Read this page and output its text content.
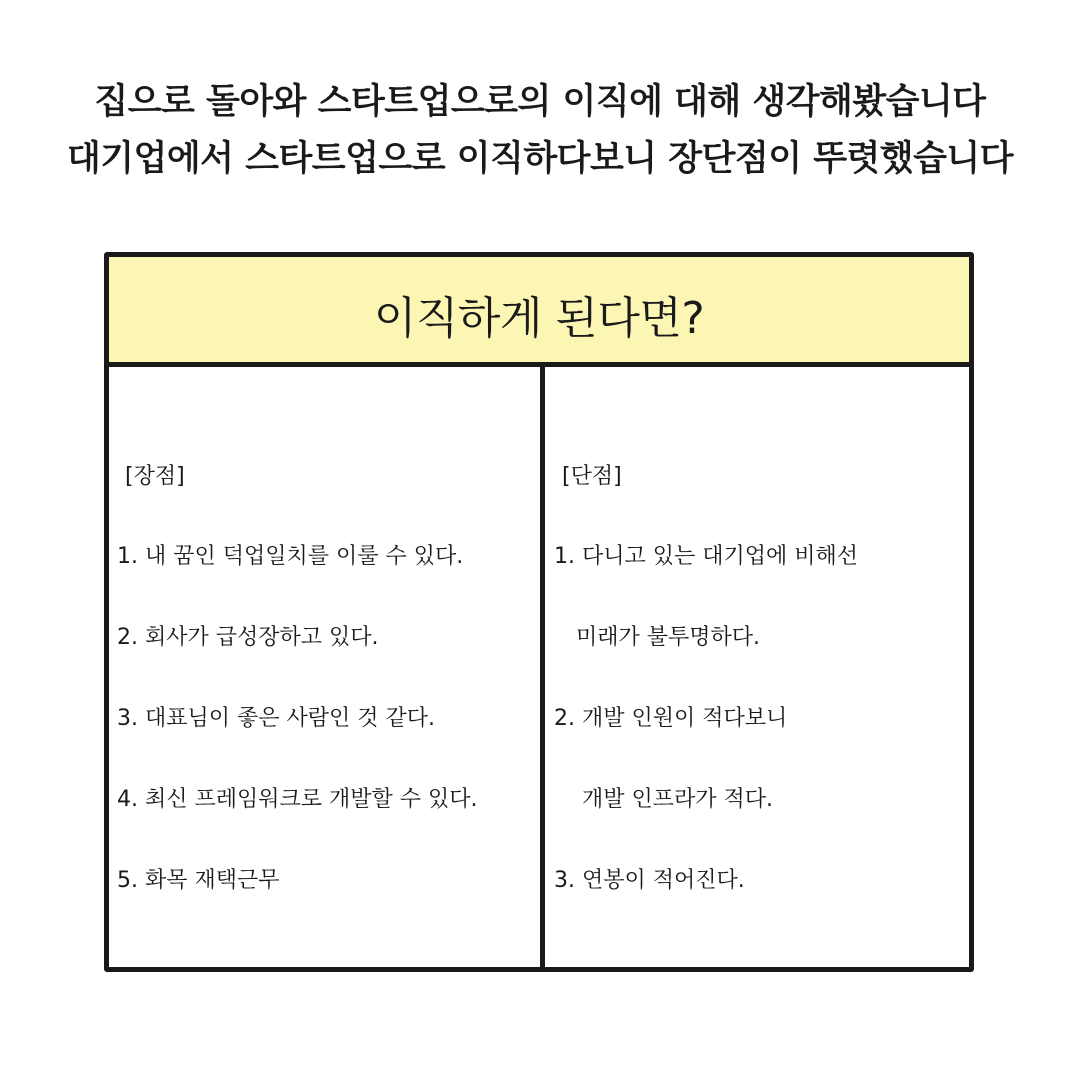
집으로 돌아와 스타트업으로의 이직에 대해 생각해봤습니다
대기업에서 스타트업으로 이직하다보니 장단점이 뚜렷했습니다
이직하게 된다면?
[장점]
1. 내 꿈인 덕업일치를 이룰 수 있다.
2. 회사가 급성장하고 있다.
3. 대표님이 좋은 사람인 것 같다.
4. 최신 프레임워크로 개발할 수 있다.
5. 화목 재택근무
[단점]
1. 다니고 있는 대기업에 비해선
미래가 불투명하다.
2. 개발 인원이 적다보니
개발 인프라가 적다.
3. 연봉이 적어진다.
